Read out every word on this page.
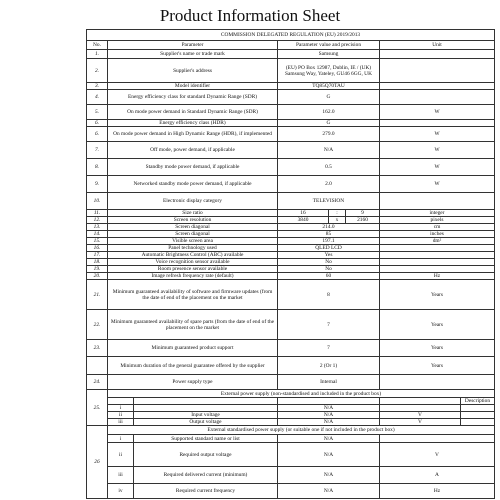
Product Information Sheet
COMMISSION DELEGATED REGULATION (EU) 2019/2013							
No.	Parameter		Parameter value and precision			Unit	
1.	Supplier's name or trade mark		Samsung				
2.	Supplier's address		(EU) PO Box 12987, Dublin, IE / (UK) Samsung Way, Yateley, GU46 6GG, UK				
3.	Model identifier		TQ85Q70TAU				
4.	Energy efficiency class for standard Dynamic Range (SDR)		G				
5.	On mode power demand in Standard Dynamic Range (SDR)		162.0			W	
6.	Energy efficiency class (HDR)		G				
6.	On mode power demand in High Dynamic Range (HDR), if implemented		279.0			W	
7.	Off mode, power demand, if applicable		N/A			W	
8.	Standby mode power demand, if applicable		0.5			W	
9.	Networked standby mode power demand, if applicable		2.0			W	
10.	Electronic display category		TELEVISION				
11.	Size ratio		16	:	9	integer	
12.	Screen resolution		3840	x	2160	pixels	
13.	Screen diagonal		214.0			cm	
14.	Screen diagonal		85			inches	
15.	Visible screen area		197.1			dm²	
16.	Panel technology used		QLED LCD				
17.	Automatic Brightness Control (ABC) available		Yes				
18.	Voice recognition sensor available		No				
19.	Room presence sensor available		No				
20.	Image refresh frequency rate (default)		60			Hz	
21.	Minimum guaranteed availability of software and firmware updates (from the date of end of the placement on the market		8			Years	
22.	Minimum guaranteed availability of spare parts (from the date of end of the placement on the market		7			Years	
23.	Minimum guaranteed product support		7			Years	
	Minimum duration of the general guarantee offered by the supplier		2 (Or 1)			Years	
24.	Power supply type		Internal				
25.	External power supply (non-standardised and included in the product box)						
							Description
	i		N/A				
	ii	Input voltage	N/A			V	
	iii	Output voltage	N/A			V	
26	External standardised power supply (or suitable one if not included in the product box)						
	i	Supported standard name or list	N/A				
	ii	Required output voltage	N/A			V	
	iii	Required delivered current (minimum)	N/A			A	
	iv	Required current frequency	N/A			Hz	
